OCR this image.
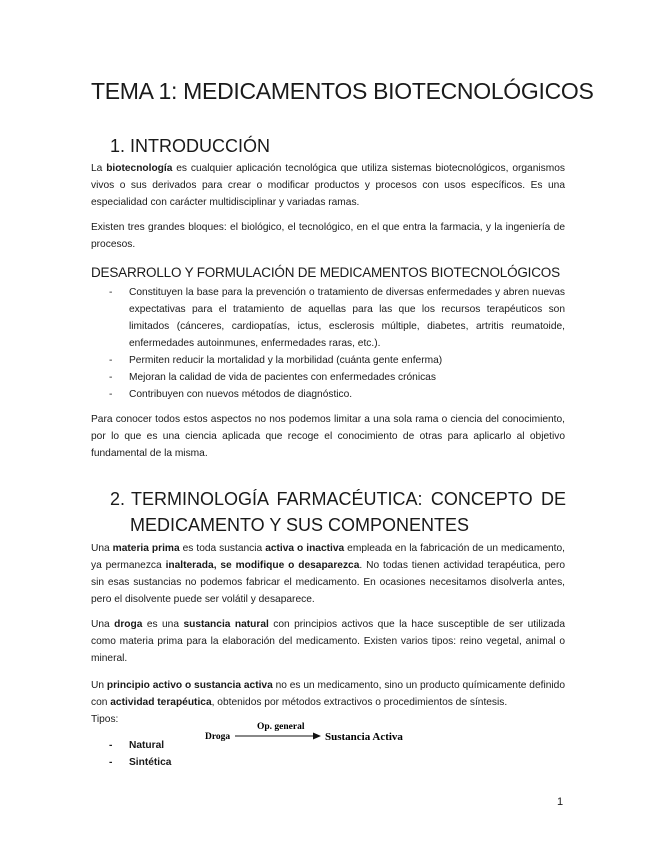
TEMA 1: MEDICAMENTOS BIOTECNOLÓGICOS
1. INTRODUCCIÓN

La biotecnología es cualquier aplicación tecnológica que utiliza sistemas biotecnológicos, organismos vivos o sus derivados para crear o modificar productos y procesos con usos específicos. Es una especialidad con carácter multidisciplinar y variadas ramas.

Existen tres grandes bloques: el biológico, el tecnológico, en el que entra la farmacia, y la ingeniería de procesos.

DESARROLLO Y FORMULACIÓN DE MEDICAMENTOS BIOTECNOLÓGICOS
- Constituyen la base para la prevención o tratamiento de diversas enfermedades y abren nuevas expectativas para el tratamiento de aquellas para las que los recursos terapéuticos son limitados (cánceres, cardiopatías, ictus, esclerosis múltiple, diabetes, artritis reumatoide, enfermedades autoinmunes, enfermedades raras, etc.).
- Permiten reducir la mortalidad y la morbilidad (cuánta gente enferma)
- Mejoran la calidad de vida de pacientes con enfermedades crónicas
- Contribuyen con nuevos métodos de diagnóstico.

Para conocer todos estos aspectos no nos podemos limitar a una sola rama o ciencia del conocimiento, por lo que es una ciencia aplicada que recoge el conocimiento de otras para aplicarlo al objetivo fundamental de la misma.

2. TERMINOLOGÍA FARMACÉUTICA: CONCEPTO DE
MEDICAMENTO Y SUS COMPONENTES

Una materia prima es toda sustancia activa o inactiva empleada en la fabricación de un medicamento, ya permanezca inalterada, se modifique o desaparezca. No todas tienen actividad terapéutica, pero sin esas sustancias no podemos fabricar el medicamento. En ocasiones necesitamos disolverla antes, pero el disolvente puede ser volátil y desaparece.

Una droga es una sustancia natural con principios activos que la hace susceptible de ser utilizada como materia prima para la elaboración del medicamento. Existen varios tipos: reino vegetal, animal o mineral.

Un principio activo o sustancia activa no es un medicamento, sino un producto químicamente definido con actividad terapéutica, obtenidos por métodos extractivos o procedimientos de síntesis.
Tipos:

Droga
Op. general
Sustancia Activa
- Natural
- Sintética
1
